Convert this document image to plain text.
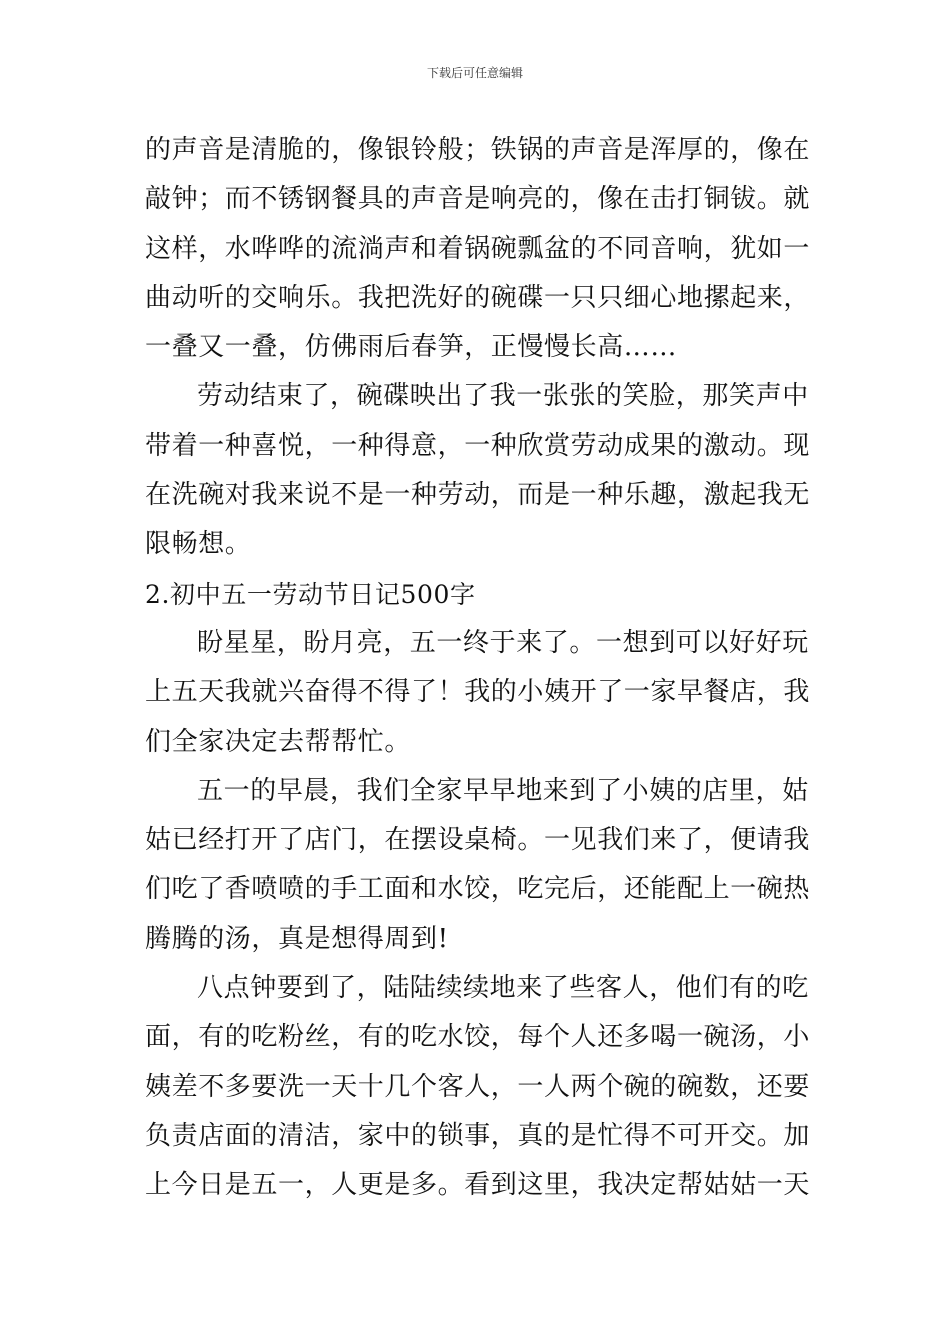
下载后可任意编辑
的声音是清脆的，像银铃般；铁锅的声音是浑厚的，像在
敲钟；而不锈钢餐具的声音是响亮的，像在击打铜钹。就
这样，水哗哗的流淌声和着锅碗瓢盆的不同音响，犹如一
曲动听的交响乐。我把洗好的碗碟一只只细心地摞起来，
一叠又一叠，仿佛雨后春笋，正慢慢长高……
劳动结束了，碗碟映出了我一张张的笑脸，那笑声中
带着一种喜悦，一种得意，一种欣赏劳动成果的激动。现
在洗碗对我来说不是一种劳动，而是一种乐趣，激起我无
限畅想。
2.初中五一劳动节日记500字
盼星星，盼月亮，五一终于来了。一想到可以好好玩
上五天我就兴奋得不得了！我的小姨开了一家早餐店，我
们全家决定去帮帮忙。
五一的早晨，我们全家早早地来到了小姨的店里，姑
姑已经打开了店门，在摆设桌椅。一见我们来了，便请我
们吃了香喷喷的手工面和水饺，吃完后，还能配上一碗热
腾腾的汤，真是想得周到!
八点钟要到了，陆陆续续地来了些客人，他们有的吃
面，有的吃粉丝，有的吃水饺，每个人还多喝一碗汤，小
姨差不多要洗一天十几个客人，一人两个碗的碗数，还要
负责店面的清洁，家中的锁事，真的是忙得不可开交。加
上今日是五一，人更是多。看到这里，我决定帮姑姑一天
